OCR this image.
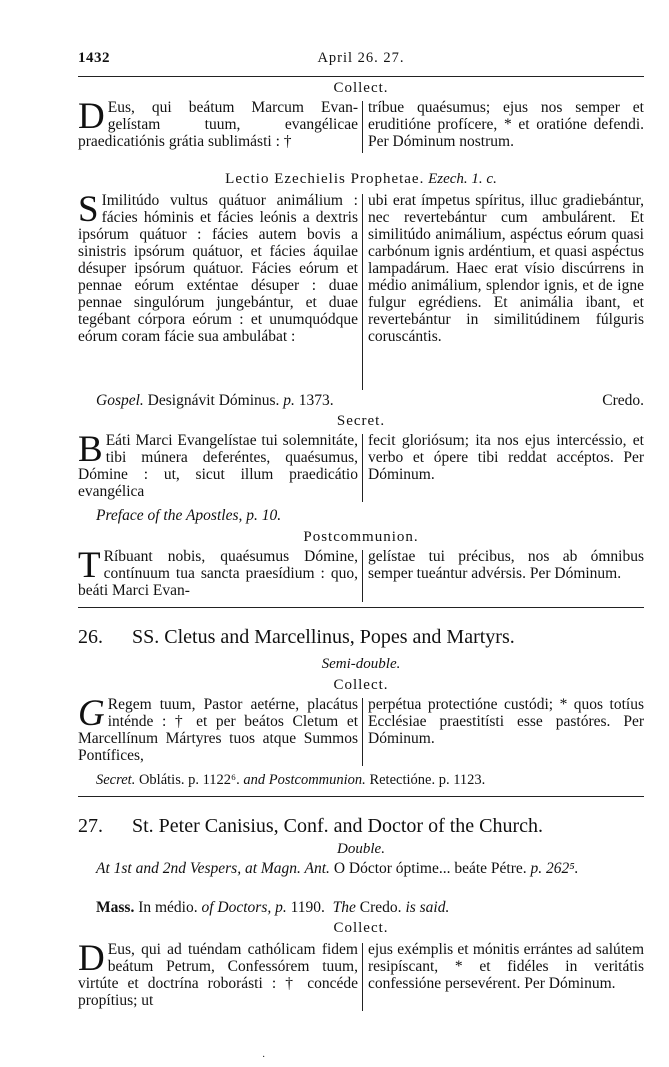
1432	April 26. 27.
Collect.
D Eus, qui beátum Marcum Evan- gelístam tuum, evangélicae praedicatiónis grátia sublimásti : †
tríbue quaésumus; ejus nos semper et eruditióne profícere, * et oratióne defendi. Per Dóminum nostrum.
Lectio Ezechielis Prophetae. Ezech. 1. c.
S Imilitúdo vultus quátuor animálium : fácies hóminis et fácies leónis a dextris ipsórum quátuor : fácies autem bovis a sinistris ipsórum quátuor, et fácies áquilae désuper ipsórum quátuor. Fácies eórum et pennae eórum exténtae désuper : duae pennae singulórum jungebántur, et duae tegébant córpora eórum : et unumquódque eórum coram fácie sua ambulábat :
ubi erat ímpetus spíritus, illuc gradiebántur, nec revertebántur cum ambulárent. Et similitúdo animálium, aspéctus eórum quasi carbónum ignis ardéntium, et quasi aspéctus lampadárum. Haec erat vísio discúrrens in médio animálium, splendor ignis, et de igne fulgur egrédiens. Et animália ibant, et revertebántur in similitúdinem fúlguris coruscántis.
Gospel. Designávit Dóminus. p. 1373.	Credo.
Secret.
B Eáti Marci Evangelístae tui solemnitáte, tibi múnera deferéntes, quaésumus, Dómine : ut, sicut illum praedicátio evangélica
fecit gloriósum; ita nos ejus intercéssio, et verbo et ópere tibi reddat accéptos. Per Dóminum.
Preface of the Apostles, p. 10.
Postcommunion.
T Ríbuant nobis, quaésumus Dómine, contínuum tua sancta praesídium : quo, beáti Marci Evan-
gelístae tui précibus, nos ab ómnibus semper tueántur advérsis. Per Dóminum.
26. SS. Cletus and Marcellinus, Popes and Martyrs.
Semi-double.
Collect.
G Regem tuum, Pastor aetérne, placátus inténde : † et per beátos Cletum et Marcellínum Mártyres tuos atque Summos Pontífices,
perpétua protectióne custódi; * quos totíus Ecclésiae praestitísti esse pastóres. Per Dóminum.
Secret. Oblátis. p. 1122⁶. and Postcommunion. Retectióne. p. 1123.
27. St. Peter Canisius, Conf. and Doctor of the Church.
Double.
At 1st and 2nd Vespers, at Magn. Ant. O Dóctor óptime... beáte Pétre. p. 262⁵.
Mass. In médio. of Doctors, p. 1190. The Credo. is said.
Collect.
D Eus, qui ad tuéndam cathólicam fidem beátum Petrum, Confessórem tuum, virtúte et doctrína roborásti : † concéde propítius; ut
ejus exémplis et mónitis errántes ad salútem resipíscant, * et fidéles in veritátis confessióne persevérent. Per Dóminum.
·
